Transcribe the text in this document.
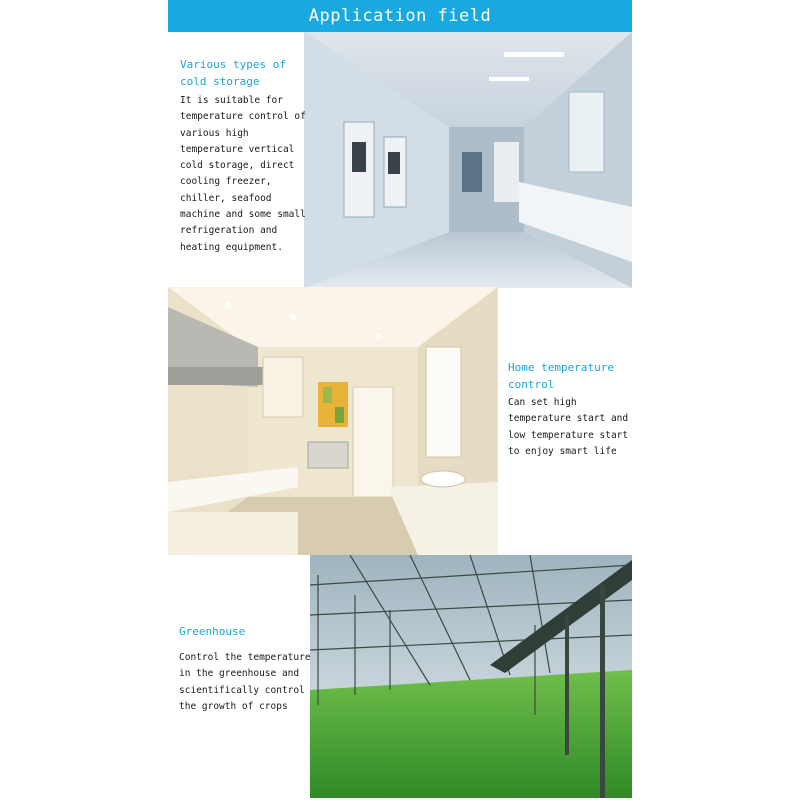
Application field
Various types of
cold storage
It is suitable for
temperature control of
various high
temperature vertical
cold storage, direct
cooling freezer,
chiller, seafood
machine and some small
refrigeration and
heating equipment.
Home temperature
control
Can set high
temperature start and
low temperature start
to enjoy smart life
Greenhouse
Control the temperature
in the greenhouse and
scientifically control
the growth of crops
